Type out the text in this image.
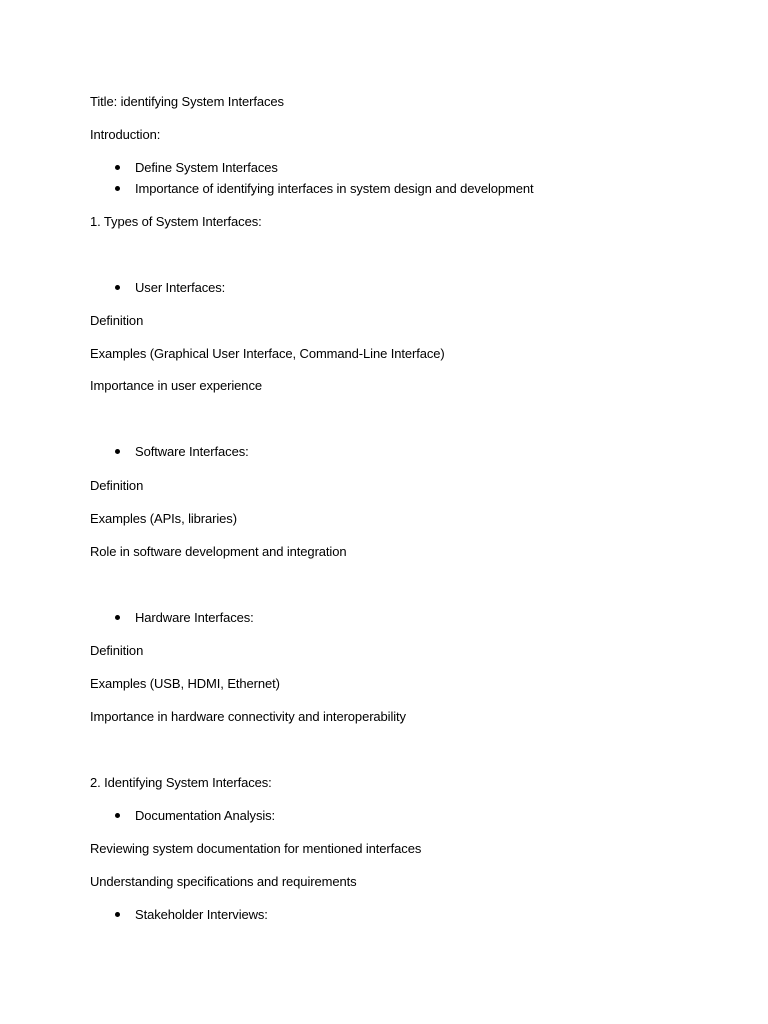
Title: identifying System Interfaces

Introduction:

Define System Interfaces

Importance of identifying interfaces in system design and development

1. Types of System Interfaces:

User Interfaces:

Definition

Examples (Graphical User Interface, Command-Line Interface)

Importance in user experience

Software Interfaces:

Definition

Examples (APIs, libraries)

Role in software development and integration

Hardware Interfaces:

Definition

Examples (USB, HDMI, Ethernet)

Importance in hardware connectivity and interoperability

2. Identifying System Interfaces:

Documentation Analysis:

Reviewing system documentation for mentioned interfaces

Understanding specifications and requirements

Stakeholder Interviews:
